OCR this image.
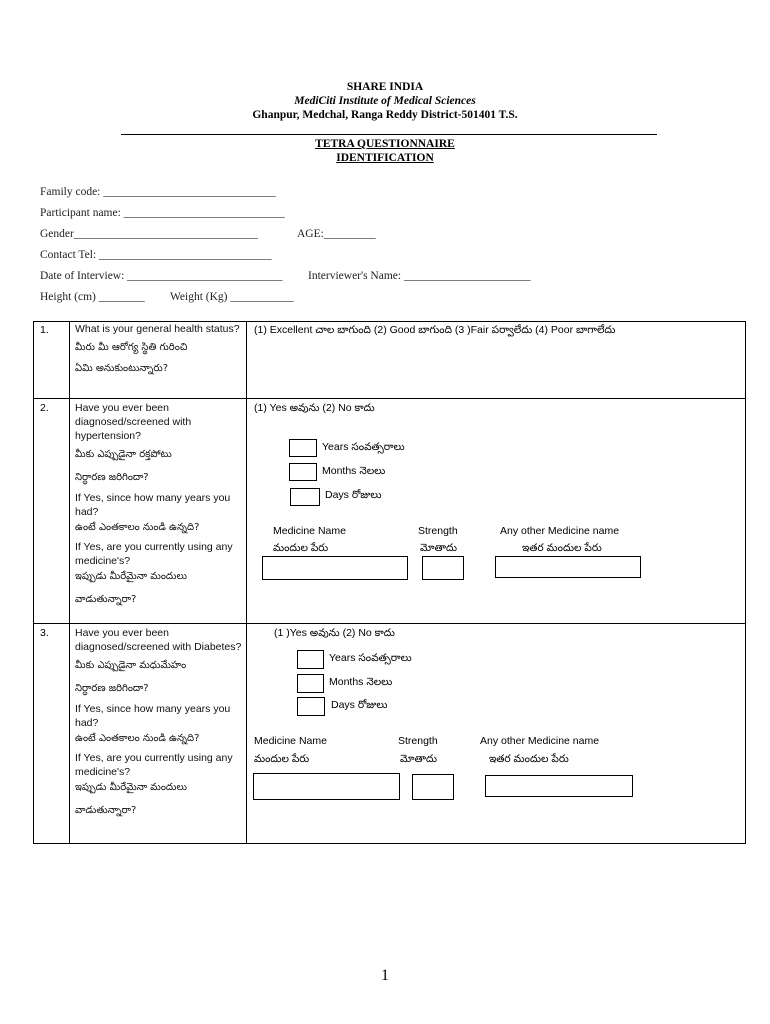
SHARE INDIA
MediCiti Institute of Medical Sciences
Ghanpur, Medchal, Ranga Reddy District-501401 T.S.
TETRA QUESTIONNAIRE
IDENTIFICATION
Family code: ______________________________
Participant name: ____________________________
Gender________________________________	AGE:_________
Contact Tel: ______________________________
Date of Interview: ___________________________ Interviewer's Name: ______________________
Height (cm) ________ Weight (Kg) ___________
1. What is your general health status?
మీరు మీ ఆరోగ్య స్థితి గురించి
ఏమి అనుకుంటున్నారు?
(1) Excellent చాల బాగుంది (2) Good బాగుంది (3 )Fair పర్వాలేదు (4) Poor బాగాలేదు
2. Have you ever been diagnosed/screened with hypertension?
మీకు ఎప్పుడైనా రక్తపోటు
నిర్ధారణ జరిగిందా?
If Yes, since how many years you had?
ఉంటే ఎంతకాలం నుండి ఉన్నది?
If Yes, are you currently using any medicine's?
ఇప్పుడు మీరేమైనా మందులు
వాడుతున్నారా?
(1) Yes అవును (2) No కాదు
Years సంవత్సరాలు
Months నెలలు
Days రోజులు
Medicine Name
మందుల పేరు
Strength
మోతాదు
Any other Medicine name
ఇతర మందుల పేరు
3. Have you ever been diagnosed/screened with Diabetes?
మీకు ఎప్పుడైనా మధుమేహం
నిర్ధారణ జరిగిందా?
If Yes, since how many years you had?
ఉంటే ఎంతకాలం నుండి ఉన్నది?
If Yes, are you currently using any medicine's?
ఇప్పుడు మీరేమైనా మందులు
వాడుతున్నారా?
(1 )Yes అవును (2) No కాదు
Years సంవత్సరాలు
Months నెలలు
Days రోజులు
Medicine Name
మందుల పేరు
Strength
మోతాదు
Any other Medicine name
ఇతర మందుల పేరు
1
